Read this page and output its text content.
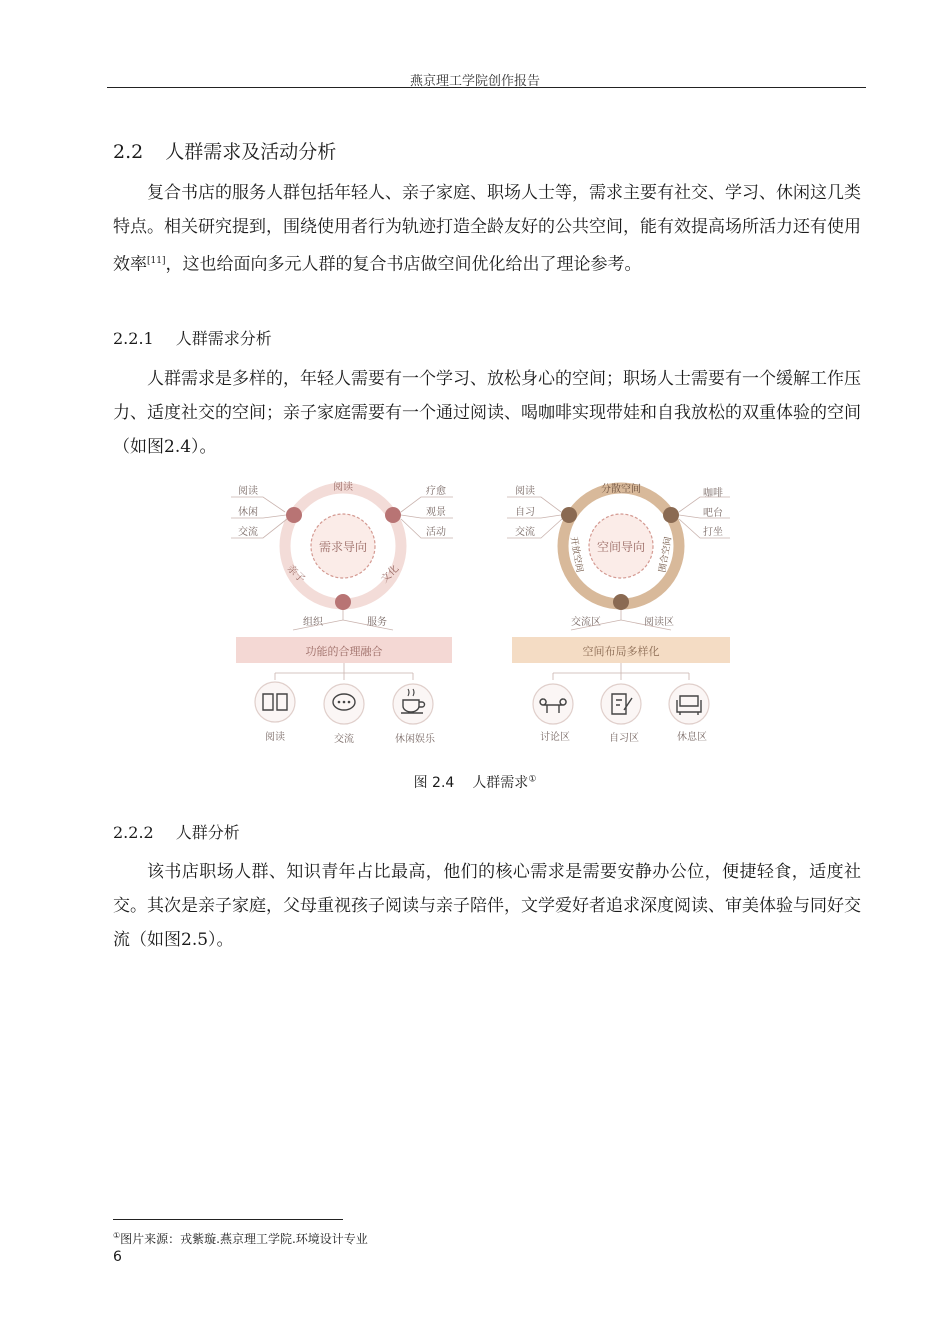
燕京理工学院创作报告
2.2 人群需求及活动分析

复合书店的服务人群包括年轻人、亲子家庭、职场人士等，需求主要有社交、学习、休闲这几类特点。相关研究提到，围绕使用者行为轨迹打造全龄友好的公共空间，能有效提高场所活力还有使用效率[11]，这也给面向多元人群的复合书店做空间优化给出了理论参考。

2.2.1 人群需求分析

人群需求是多样的，年轻人需要有一个学习、放松身心的空间；职场人士需要有一个缓解工作压力、适度社交的空间；亲子家庭需要有一个通过阅读、喝咖啡实现带娃和自我放松的双重体验的空间（如图2.4）。

需求导向
阅读
亲子	文化
阅读
休闲
交流
疗愈
观景
活动
组织	服务
功能的合理融合
阅读	交流	休闲娱乐
空间导向
分散空间
开放空间	围合空间
阅读
自习
交流
咖啡
吧台
打坐
交流区	阅读区
空间布局多样化
讨论区	自习区	休息区
图 2.4 人群需求①
2.2.2 人群分析

该书店职场人群、知识青年占比最高，他们的核心需求是需要安静办公位，便捷轻食，适度社交。其次是亲子家庭，父母重视孩子阅读与亲子陪伴，文学爱好者追求深度阅读、审美体验与同好交流（如图2.5）。

①图片来源：戎紫璇.燕京理工学院.环境设计专业
6
